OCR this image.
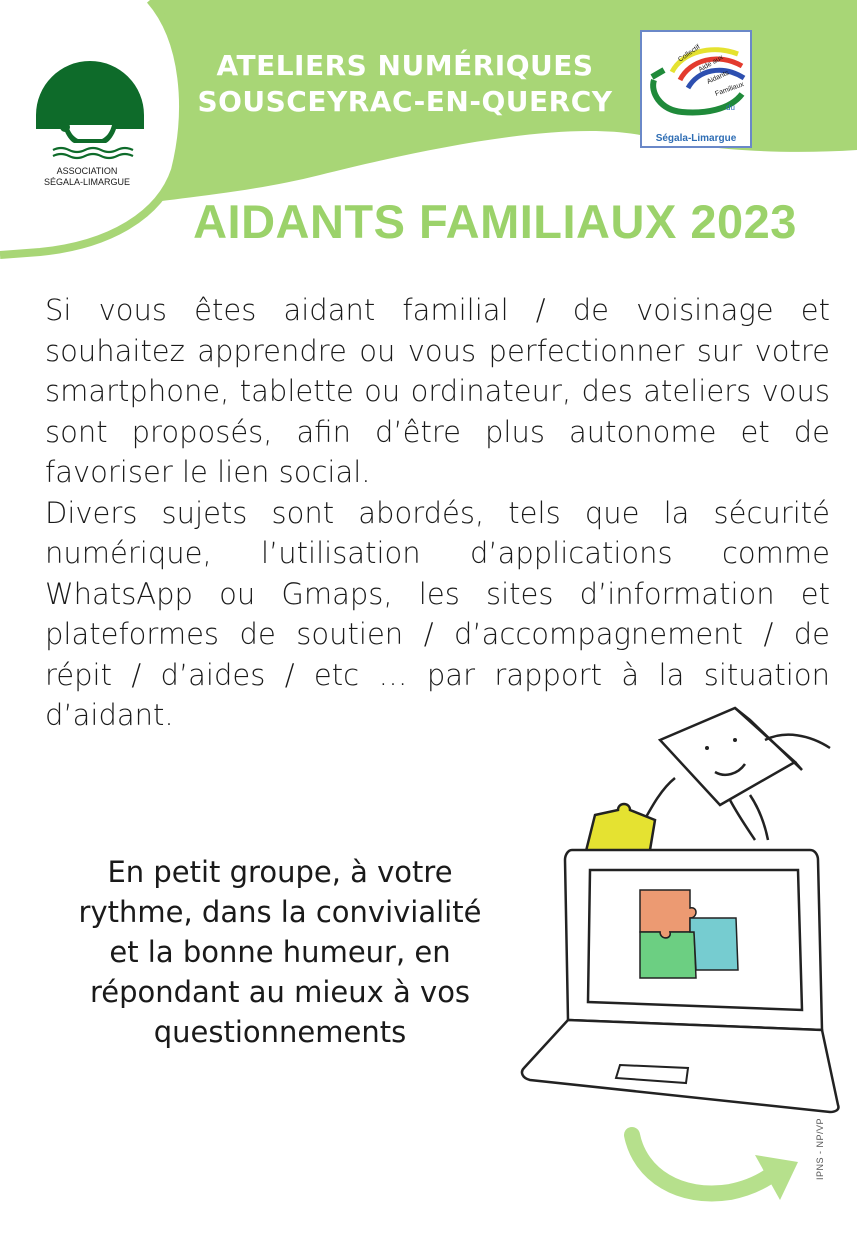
ASSOCIATION
SÉGALA-LIMARGUE
ATELIERS NUMÉRIQUES
SOUSCEYRAC-EN-QUERCY
Collectif
Aide aux
Aidants
Familiaux
du
Ségala-Limargue
AIDANTS FAMILIAUX 2023

Si vous êtes aidant familial / de voisinage et souhaitez apprendre ou vous perfectionner sur votre smartphone, tablette ou ordinateur, des ateliers vous sont proposés, afin d’être plus autonome et de favoriser le lien social.

Divers sujets sont abordés, tels que la sécurité numérique, l’utilisation d’applications comme WhatsApp ou Gmaps, les sites d’information et plateformes de soutien / d’accompagnement / de répit / d’aides / etc … par rapport à la situation d’aidant.

En petit groupe, à votre
rythme, dans la convivialité
et la bonne humeur, en
répondant au mieux à vos
questionnements
IPNS - NP/VP
